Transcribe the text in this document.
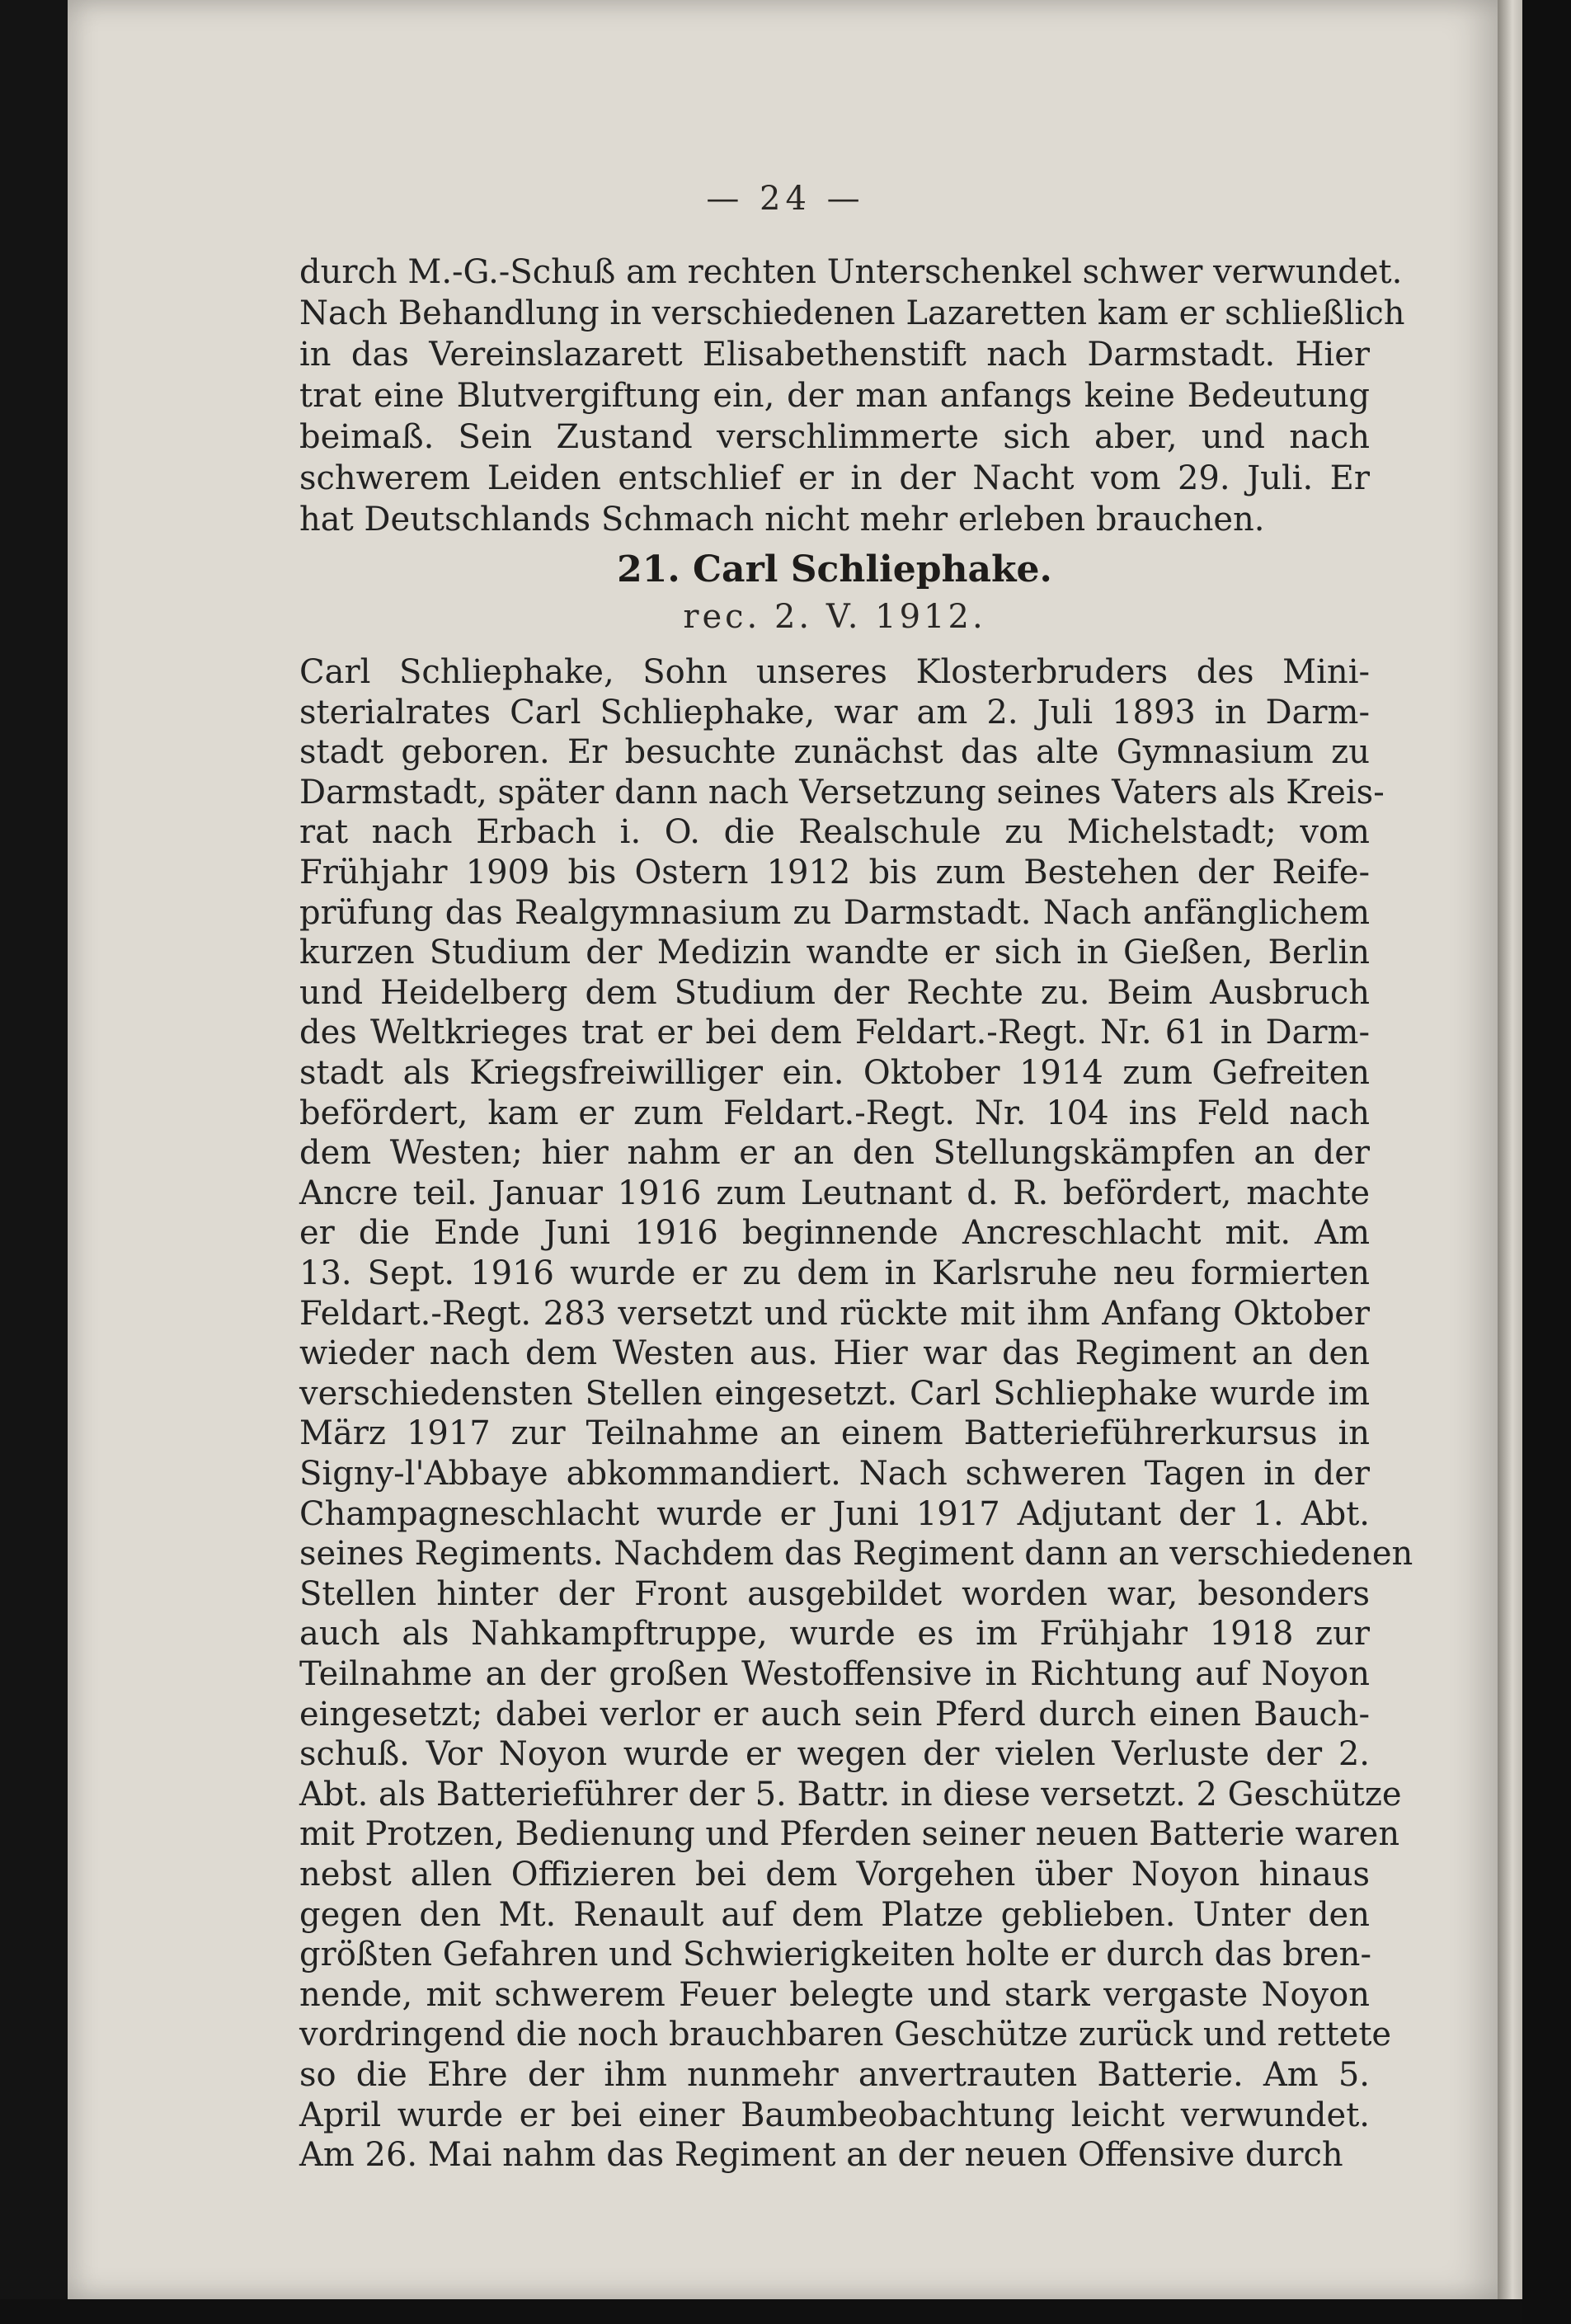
— 24 —
durch M.-G.-Schuß am rechten Unterschenkel schwer verwundet.
Nach Behandlung in verschiedenen Lazaretten kam er schließlich
in das Vereinslazarett Elisabethenstift nach Darmstadt. Hier
trat eine Blutvergiftung ein, der man anfangs keine Bedeutung
beimaß. Sein Zustand verschlimmerte sich aber, und nach
schwerem Leiden entschlief er in der Nacht vom 29. Juli. Er
hat Deutschlands Schmach nicht mehr erleben brauchen.
21. Carl Schliephake.
rec. 2. V. 1912.
Carl Schliephake, Sohn unseres Klosterbruders des Mini-
sterialrates Carl Schliephake, war am 2. Juli 1893 in Darm-
stadt geboren. Er besuchte zunächst das alte Gymnasium zu
Darmstadt, später dann nach Versetzung seines Vaters als Kreis-
rat nach Erbach i. O. die Realschule zu Michelstadt; vom
Frühjahr 1909 bis Ostern 1912 bis zum Bestehen der Reife-
prüfung das Realgymnasium zu Darmstadt. Nach anfänglichem
kurzen Studium der Medizin wandte er sich in Gießen, Berlin
und Heidelberg dem Studium der Rechte zu. Beim Ausbruch
des Weltkrieges trat er bei dem Feldart.-Regt. Nr. 61 in Darm-
stadt als Kriegsfreiwilliger ein. Oktober 1914 zum Gefreiten
befördert, kam er zum Feldart.-Regt. Nr. 104 ins Feld nach
dem Westen; hier nahm er an den Stellungskämpfen an der
Ancre teil. Januar 1916 zum Leutnant d. R. befördert, machte
er die Ende Juni 1916 beginnende Ancreschlacht mit. Am
13. Sept. 1916 wurde er zu dem in Karlsruhe neu formierten
Feldart.-Regt. 283 versetzt und rückte mit ihm Anfang Oktober
wieder nach dem Westen aus. Hier war das Regiment an den
verschiedensten Stellen eingesetzt. Carl Schliephake wurde im
März 1917 zur Teilnahme an einem Batterieführerkursus in
Signy-l'Abbaye abkommandiert. Nach schweren Tagen in der
Champagneschlacht wurde er Juni 1917 Adjutant der 1. Abt.
seines Regiments. Nachdem das Regiment dann an verschiedenen
Stellen hinter der Front ausgebildet worden war, besonders
auch als Nahkampftruppe, wurde es im Frühjahr 1918 zur
Teilnahme an der großen Westoffensive in Richtung auf Noyon
eingesetzt; dabei verlor er auch sein Pferd durch einen Bauch-
schuß. Vor Noyon wurde er wegen der vielen Verluste der 2.
Abt. als Batterieführer der 5. Battr. in diese versetzt. 2 Geschütze
mit Protzen, Bedienung und Pferden seiner neuen Batterie waren
nebst allen Offizieren bei dem Vorgehen über Noyon hinaus
gegen den Mt. Renault auf dem Platze geblieben. Unter den
größten Gefahren und Schwierigkeiten holte er durch das bren-
nende, mit schwerem Feuer belegte und stark vergaste Noyon
vordringend die noch brauchbaren Geschütze zurück und rettete
so die Ehre der ihm nunmehr anvertrauten Batterie. Am 5.
April wurde er bei einer Baumbeobachtung leicht verwundet.
Am 26. Mai nahm das Regiment an der neuen Offensive durch
